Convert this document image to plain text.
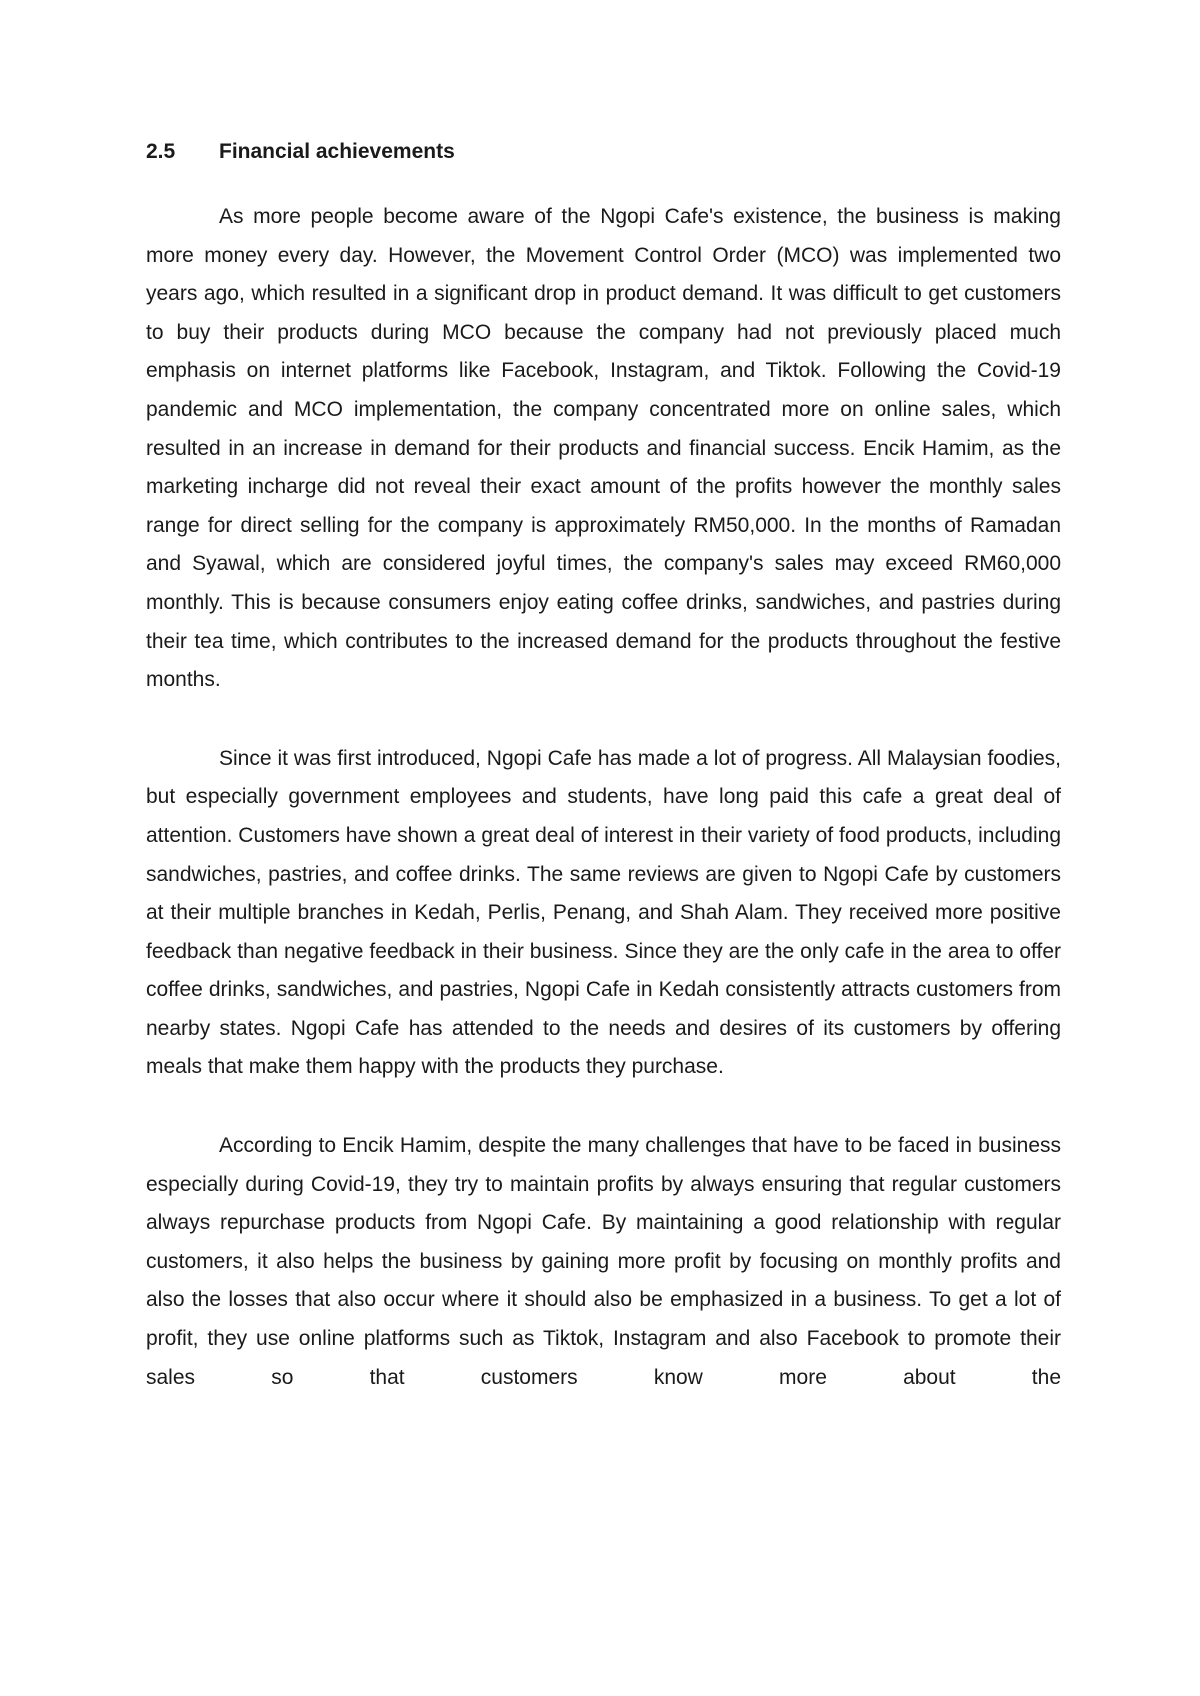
2.5	Financial achievements

As more people become aware of the Ngopi Cafe's existence, the business is making more money every day. However, the Movement Control Order (MCO) was implemented two years ago, which resulted in a significant drop in product demand. It was difficult to get customers to buy their products during MCO because the company had not previously placed much emphasis on internet platforms like Facebook, Instagram, and Tiktok. Following the Covid-19 pandemic and MCO implementation, the company concentrated more on online sales, which resulted in an increase in demand for their products and financial success. Encik Hamim, as the marketing incharge did not reveal their exact amount of the profits however the monthly sales range for direct selling for the company is approximately RM50,000. In the months of Ramadan and Syawal, which are considered joyful times, the company's sales may exceed RM60,000 monthly. This is because consumers enjoy eating coffee drinks, sandwiches, and pastries during their tea time, which contributes to the increased demand for the products throughout the festive months.

Since it was first introduced, Ngopi Cafe has made a lot of progress. All Malaysian foodies, but especially government employees and students, have long paid this cafe a great deal of attention. Customers have shown a great deal of interest in their variety of food products, including sandwiches, pastries, and coffee drinks. The same reviews are given to Ngopi Cafe by customers at their multiple branches in Kedah, Perlis, Penang, and Shah Alam. They received more positive feedback than negative feedback in their business. Since they are the only cafe in the area to offer coffee drinks, sandwiches, and pastries, Ngopi Cafe in Kedah consistently attracts customers from nearby states. Ngopi Cafe has attended to the needs and desires of its customers by offering meals that make them happy with the products they purchase.

According to Encik Hamim, despite the many challenges that have to be faced in business especially during Covid-19, they try to maintain profits by always ensuring that regular customers always repurchase products from Ngopi Cafe. By maintaining a good relationship with regular customers, it also helps the business by gaining more profit by focusing on monthly profits and also the losses that also occur where it should also be emphasized in a business. To get a lot of profit, they use online platforms such as Tiktok, Instagram and also Facebook to promote their sales so that customers know more about the
